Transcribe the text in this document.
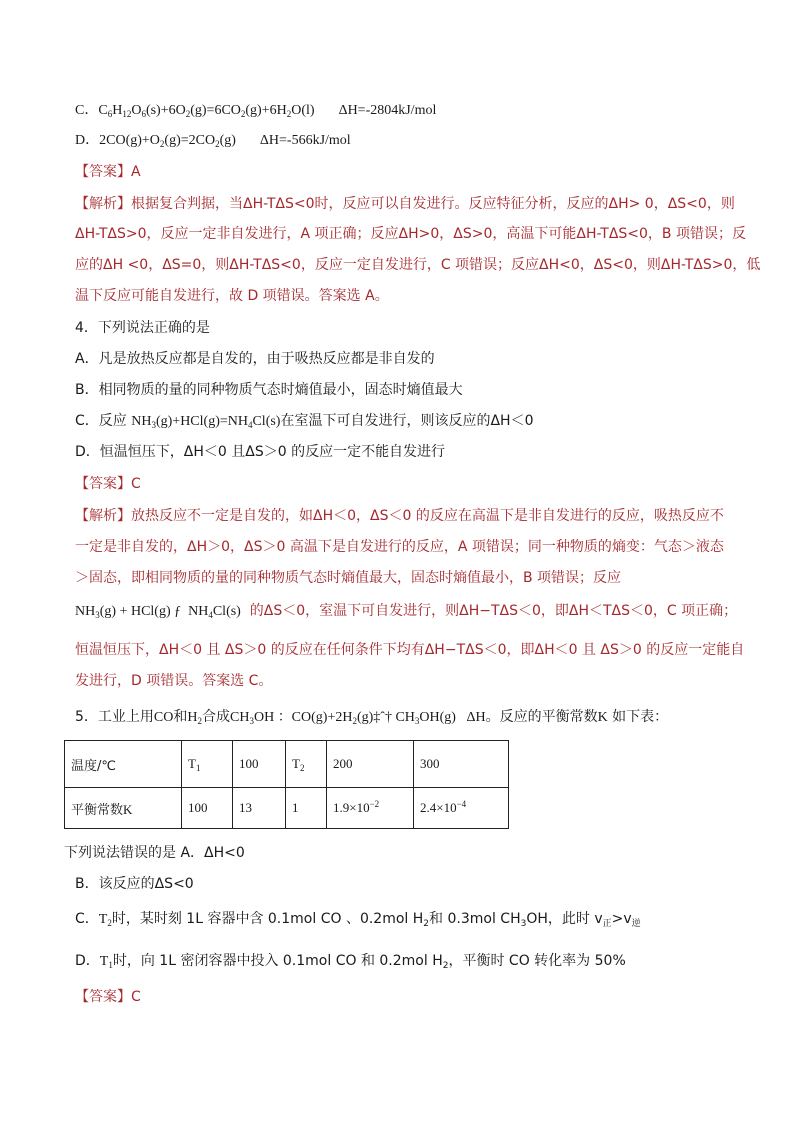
C．$C_6H_{12}O_6(s)+6O_2(g)=6CO_2(g)+6H_2O(l)$ ΔH=-2804kJ/mol
D．$2CO(g)+O_2(g)=2CO_2(g)$ ΔH=-566kJ/mol
【答案】A
【解析】根据复合判据，当ΔH-TΔS<0时，反应可以自发进行。反应特征分析，反应的ΔH> 0，ΔS<0，则
ΔH-TΔS>0，反应一定非自发进行，A 项正确；反应ΔH>0，ΔS>0，高温下可能ΔH-TΔS<0，B 项错误；反
应的ΔH <0，ΔS=0，则ΔH-TΔS<0，反应一定自发进行，C 项错误；反应ΔH<0，ΔS<0，则ΔH-TΔS>0，低
温下反应可能自发进行，故 D 项错误。答案选 A。
4．下列说法正确的是
A．凡是放热反应都是自发的，由于吸热反应都是非自发的
B．相同物质的量的同种物质气态时熵值最小，固态时熵值最大
C．反应 $NH_3(g)+HCl(g)=NH_4Cl(s)$在室温下可自发进行，则该反应的ΔH＜0
D．恒温恒压下，ΔH＜0 且ΔS＞0 的反应一定不能自发进行
【答案】C
【解析】放热反应不一定是自发的，如ΔH＜0，ΔS＜0 的反应在高温下是非自发进行的反应，吸热反应不
一定是非自发的，ΔH＞0，ΔS＞0 高温下是自发进行的反应，A 项错误；同一种物质的熵变：气态＞液态
＞固态，即相同物质的量的同种物质气态时熵值最大，固态时熵值最小，B 项错误；反应
$NH_3(g) + HCl(g)$ ƒ  $NH_4Cl(s)$ 的ΔS＜0，室温下可自发进行，则ΔH−TΔS＜0，即ΔH＜TΔS＜0，C 项正确；
恒温恒压下，ΔH＜0 且 ΔS＞0 的反应在任何条件下均有ΔH−TΔS＜0，即ΔH＜0 且 ΔS＞0 的反应一定能自
发进行，D 项错误。答案选 C。
5．工业上用CO和$H_2$合成$CH_3OH$ ：$CO(g)+2H_2(g)\ddagger ˆ\dagger$ $CH_3OH(g)$   ΔH。反应的平衡常数K 如下表：
温度/℃	$T_1$	100	$T_2$	200	300
平衡常数K	100	13	1	$1.9\times 10^{-2}$	$2.4\times 10^{-4}$
下列说法错误的是 A．ΔH<0
B．该反应的ΔS<0
C．$T_2$时，某时刻 1L 容器中含 0.1mol CO 、0.2mol $H_2$和 0.3mol $CH_3OH$，此时 $v_正>v_逆$
D．$T_1$时，向 1L 密闭容器中投入 0.1mol CO 和 0.2mol $H_2$，平衡时 CO 转化率为 50%
【答案】C
